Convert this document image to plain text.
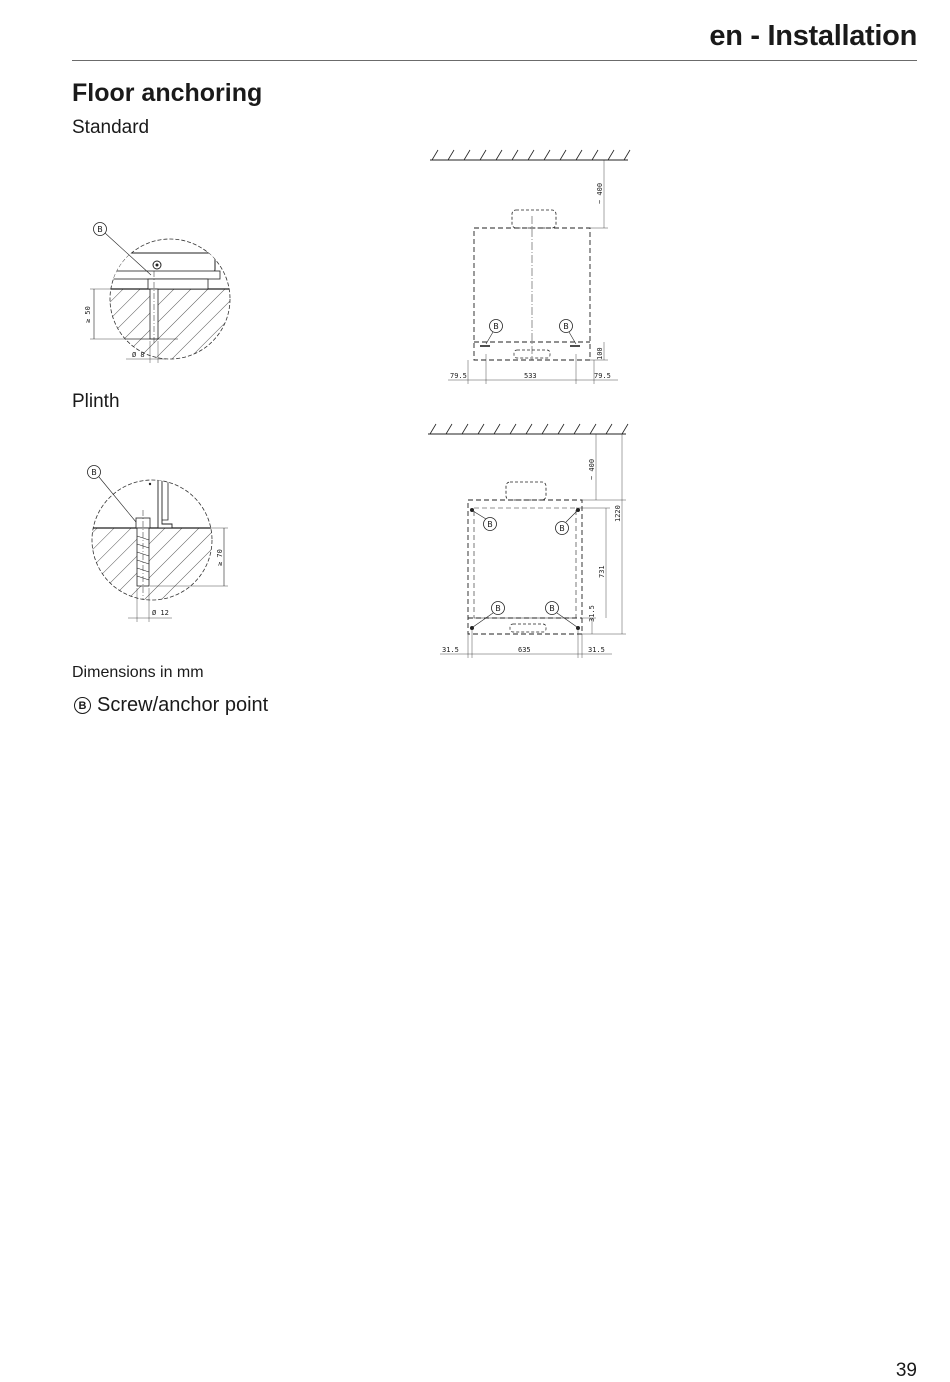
en - Installation
Floor anchoring
Standard
B
≥ 50
Ø 8
B	B
~ 400
100
79.5	533	79.5
Plinth
B
≥ 70
Ø 12
B	B
B	B
~ 400
731
31.5
1220
31.5	635	31.5
Dimensions in mm
B Screw/anchor point
39
